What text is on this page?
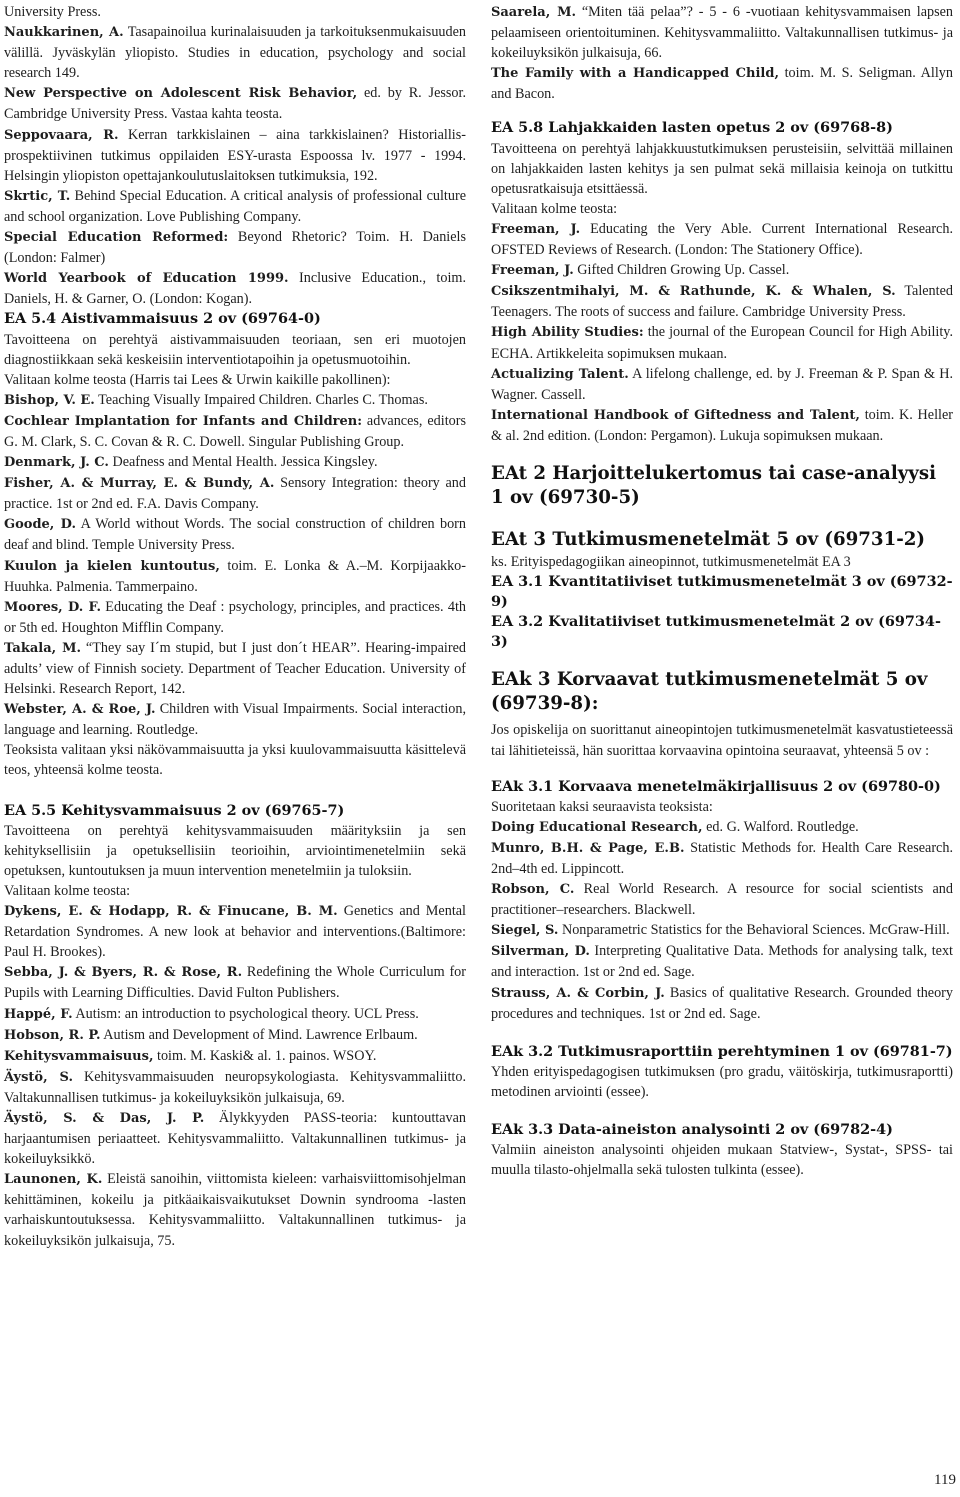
University Press.

Naukkarinen, A. Tasapainoilua kurinalaisuuden ja tarkoituksenmukaisuuden välillä. Jyväskylän yliopisto. Studies in education, psychology and social research 149.

New Perspective on Adolescent Risk Behavior, ed. by R. Jessor. Cambridge University Press. Vastaa kahta teosta.

Seppovaara, R. Kerran tarkkislainen – aina tarkkislainen? Historiallis-prospektiivinen tutkimus oppilaiden ESY-urasta Espoossa lv. 1977 - 1994. Helsingin yliopiston opettajankoulutuslaitoksen tutkimuksia, 192.

Skrtic, T. Behind Special Education. A critical analysis of professional culture and school organization. Love Publishing Company.

Special Education Reformed: Beyond Rhetoric? Toim. H. Daniels (London: Falmer)

World Yearbook of Education 1999. Inclusive Education., toim. Daniels, H. & Garner, O. (London: Kogan).

EA 5.4 Aistivammaisuus 2 ov (69764-0)

Tavoitteena on perehtyä aistivammaisuuden teoriaan, sen eri muotojen diagnostiikkaan sekä keskeisiin interventiotapoihin ja opetusmuotoihin.

Valitaan kolme teosta (Harris tai Lees & Urwin kaikille pakollinen):

Bishop, V. E. Teaching Visually Impaired Children. Charles C. Thomas.

Cochlear Implantation for Infants and Children: advances, editors G. M. Clark, S. C. Covan & R. C. Dowell. Singular Publishing Group.

Denmark, J. C. Deafness and Mental Health. Jessica Kingsley.

Fisher, A. & Murray, E. & Bundy, A. Sensory Integration: theory and practice. 1st or 2nd ed. F.A. Davis Company.

Goode, D. A World without Words. The social construction of children born deaf and blind. Temple University Press.

Kuulon ja kielen kuntoutus, toim. E. Lonka & A.–M. Korpijaakko-Huuhka. Palmenia. Tammerpaino.

Moores, D. F. Educating the Deaf : psychology, principles, and practices. 4th or 5th ed. Houghton Mifflin Company.

Takala, M. “They say I´m stupid, but I just don´t HEAR”. Hearing-impaired adults’ view of Finnish society. Department of Teacher Education. University of Helsinki. Research Report, 142.

Webster, A. & Roe, J. Children with Visual Impairments. Social interaction, language and learning. Routledge.

Teoksista valitaan yksi näkövammaisuutta ja yksi kuulovammaisuutta käsittelevä teos, yhteensä kolme teosta.

EA 5.5 Kehitysvammaisuus 2 ov (69765-7)

Tavoitteena on perehtyä kehitysvammaisuuden määrityksiin ja sen kehityksellisiin ja opetuksellisiin teorioihin, arviointimenetelmiin sekä opetuksen, kuntoutuksen ja muun intervention menetelmiin ja tuloksiin.

Valitaan kolme teosta:

Dykens, E. & Hodapp, R. & Finucane, B. M. Genetics and Mental Retardation Syndromes. A new look at behavior and interventions.(Baltimore: Paul H. Brookes).

Sebba, J. & Byers, R. & Rose, R. Redefining the Whole Curriculum for Pupils with Learning Difficulties. David Fulton Publishers.

Happé, F. Autism: an introduction to psychological theory. UCL Press.

Hobson, R. P. Autism and Development of Mind. Lawrence Erlbaum.

Kehitysvammaisuus, toim. M. Kaski& al. 1. painos. WSOY.

Äystö, S. Kehitysvammaisuuden neuropsykologiasta. Kehitysvammaliitto. Valtakunnallisen tutkimus- ja kokeiluyksikön julkaisuja, 69.

Äystö, S. & Das, J. P. Älykkyyden PASS-teoria: kuntouttavan harjaantumisen periaatteet. Kehitysvammaliitto. Valtakunnallinen tutkimus- ja kokeiluyksikkö.

Launonen, K. Eleistä sanoihin, viittomista kieleen: varhaisviittomisohjelman kehittäminen, kokeilu ja pitkäaikaisvaikutukset Downin syndrooma -lasten varhaiskuntoutuksessa. Kehitysvammaliitto. Valtakunnallinen tutkimus- ja kokeiluyksikön julkaisuja, 75.

Saarela, M. “Miten tää pelaa”? - 5 - 6 -vuotiaan kehitysvammaisen lapsen pelaamiseen orientoituminen. Kehitysvammaliitto. Valtakunnallisen tutkimus- ja kokeiluyksikön julkaisuja, 66.

The Family with a Handicapped Child, toim. M. S. Seligman. Allyn and Bacon.

EA 5.8 Lahjakkaiden lasten opetus 2 ov (69768-8)

Tavoitteena on perehtyä lahjakkuustutkimuksen perusteisiin, selvittää millainen on lahjakkaiden lasten kehitys ja sen pulmat sekä millaisia keinoja on tutkittu opetusratkaisuja etsittäessä.

Valitaan kolme teosta:

Freeman, J. Educating the Very Able. Current International Research. OFSTED Reviews of Research. (London: The Stationery Office).

Freeman, J. Gifted Children Growing Up. Cassel.

Csikszentmihalyi, M. & Rathunde, K. & Whalen, S. Talented Teenagers. The roots of success and failure. Cambridge University Press.

High Ability Studies: the journal of the European Council for High Ability. ECHA. Artikkeleita sopimuksen mukaan.

Actualizing Talent. A lifelong challenge, ed. by J. Freeman & P. Span & H. Wagner. Cassell.

International Handbook of Giftedness and Talent, toim. K. Heller & al. 2nd edition. (London: Pergamon). Lukuja sopimuksen mukaan.

EAt 2 Harjoittelukertomus tai case-analyysi 1 ov (69730-5)
EAt 3 Tutkimusmenetelmät 5 ov (69731-2)

ks. Erityispedagogiikan aineopinnot, tutkimusmenetelmät EA 3

EA 3.1 Kvantitatiiviset tutkimusmenetelmät 3 ov (69732-9)
EA 3.2 Kvalitatiiviset tutkimusmenetelmät 2 ov (69734-3)
EAk 3 Korvaavat tutkimusmenetelmät 5 ov (69739-8):

Jos opiskelija on suorittanut aineopintojen tutkimusmenetelmät kasvatustieteessä tai lähitieteissä, hän suorittaa korvaavina opintoina seuraavat, yhteensä 5 ov :

EAk 3.1 Korvaava menetelmäkirjallisuus 2 ov (69780-0)

Suoritetaan kaksi seuraavista teoksista:

Doing Educational Research, ed. G. Walford. Routledge.

Munro, B.H. & Page, E.B. Statistic Methods for. Health Care Research. 2nd–4th ed. Lippincott.

Robson, C. Real World Research. A resource for social scientists and practitioner–researchers. Blackwell.

Siegel, S. Nonparametric Statistics for the Behavioral Sciences. McGraw-Hill.

Silverman, D. Interpreting Qualitative Data. Methods for analysing talk, text and interaction. 1st or 2nd ed. Sage.

Strauss, A. & Corbin, J. Basics of qualitative Research. Grounded theory procedures and techniques. 1st or 2nd ed. Sage.

EAk 3.2 Tutkimusraporttiin perehtyminen 1 ov (69781-7)

Yhden erityispedagogisen tutkimuksen (pro gradu, väitöskirja, tutkimusraportti) metodinen arviointi (essee).

EAk 3.3 Data-aineiston analysointi 2 ov (69782-4)

Valmiin aineiston analysointi ohjeiden mukaan Statview-, Systat-, SPSS- tai muulla tilasto-ohjelmalla sekä tulosten tulkinta (essee).

119
